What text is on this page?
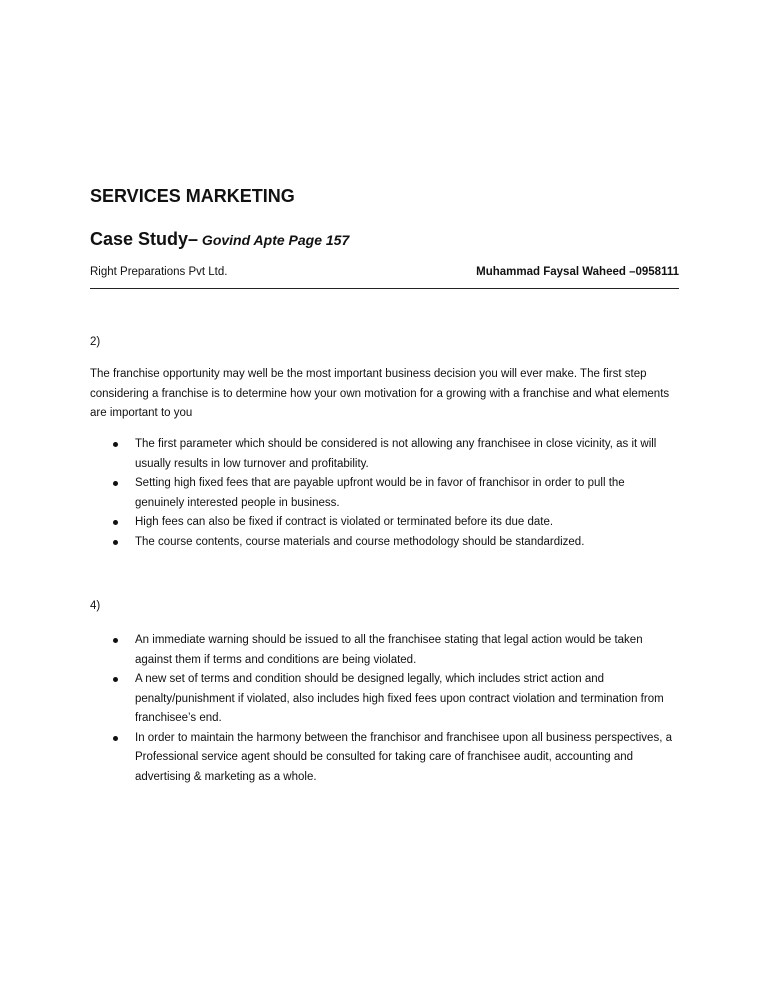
SERVICES MARKETING
Case Study– Govind Apte Page 157
Right Preparations Pvt Ltd.	Muhammad Faysal Waheed –0958111
2)
The franchise opportunity may well be the most important business decision you will ever make. The first step considering a franchise is to determine how your own motivation for a growing with a franchise and what elements are important to you
The first parameter which should be considered is not allowing any franchisee in close vicinity, as it will usually results in low turnover and profitability.
Setting high fixed fees that are payable upfront would be in favor of franchisor in order to pull the genuinely interested people in business.
High fees can also be fixed if contract is violated or terminated before its due date.
The course contents, course materials and course methodology should be standardized.
4)
An immediate warning should be issued to all the franchisee stating that legal action would be taken against them if terms and conditions are being violated.
A new set of terms and condition should be designed legally, which includes strict action and penalty/punishment if violated, also includes high fixed fees upon contract violation and termination from franchisee’s end.
In order to maintain the harmony between the franchisor and franchisee upon all business perspectives, a Professional service agent should be consulted for taking care of franchisee audit, accounting and advertising & marketing as a whole.
